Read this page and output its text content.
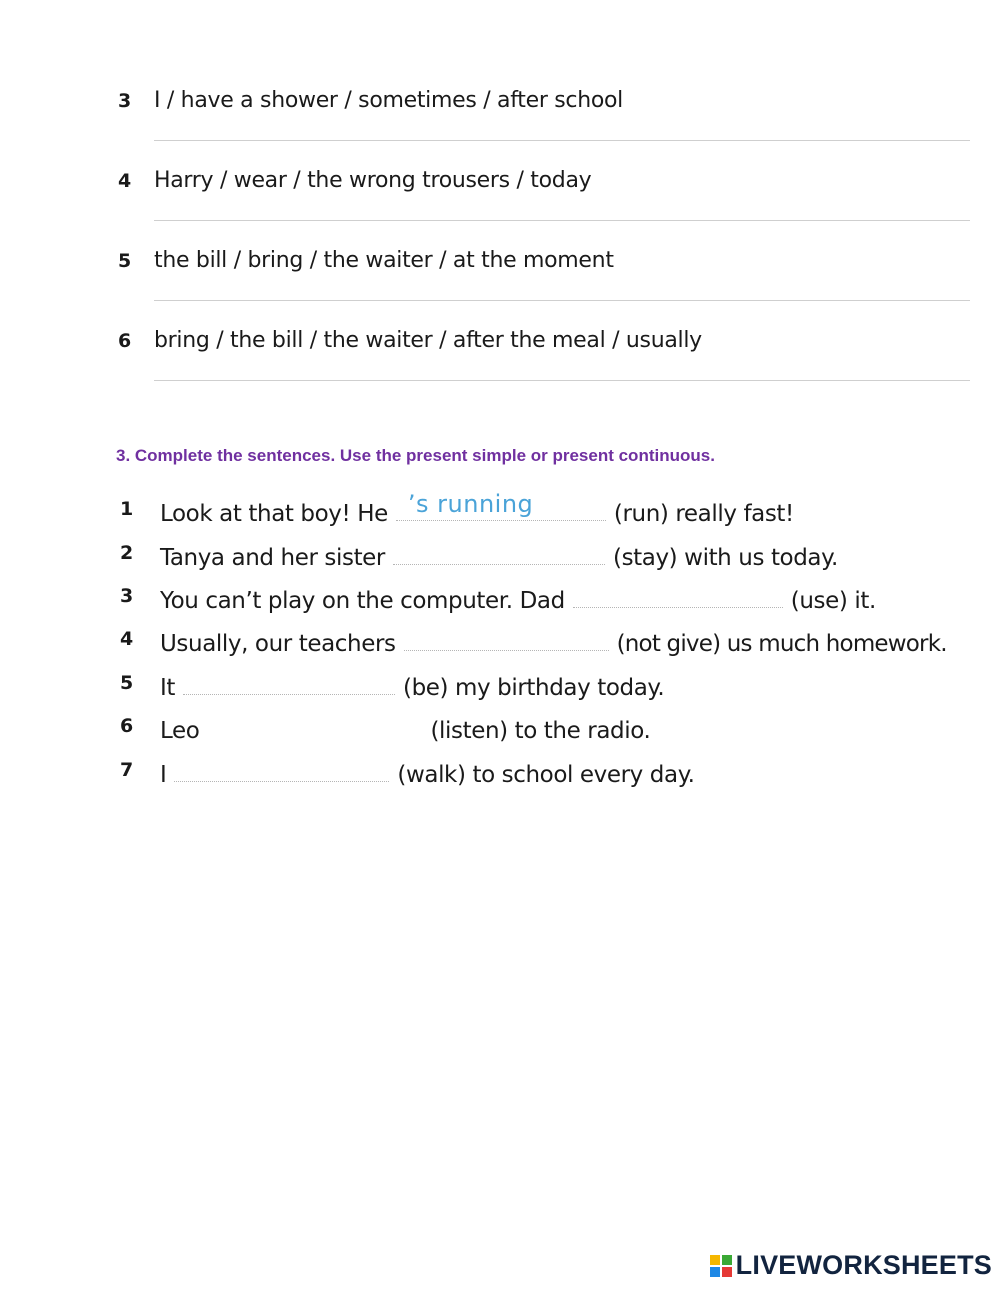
3	I / have a shower / sometimes / after school
4	Harry / wear / the wrong trousers / today
5	the bill / bring / the waiter / at the moment
6	bring / the bill / the waiter / after the meal / usually
3. Complete the sentences. Use the present simple or present continuous.
1 Look at that boy! He ’s running	(run) really fast!
2 Tanya and her sister	(stay) with us today.
3 You can’t play on the computer. Dad	(use) it.
4 Usually, our teachers	(not give) us much homework.
5 It	(be) my birthday today.
6 Leo	(listen) to the radio.
7 I	(walk) to school every day.
LIVEWORKSHEETS
